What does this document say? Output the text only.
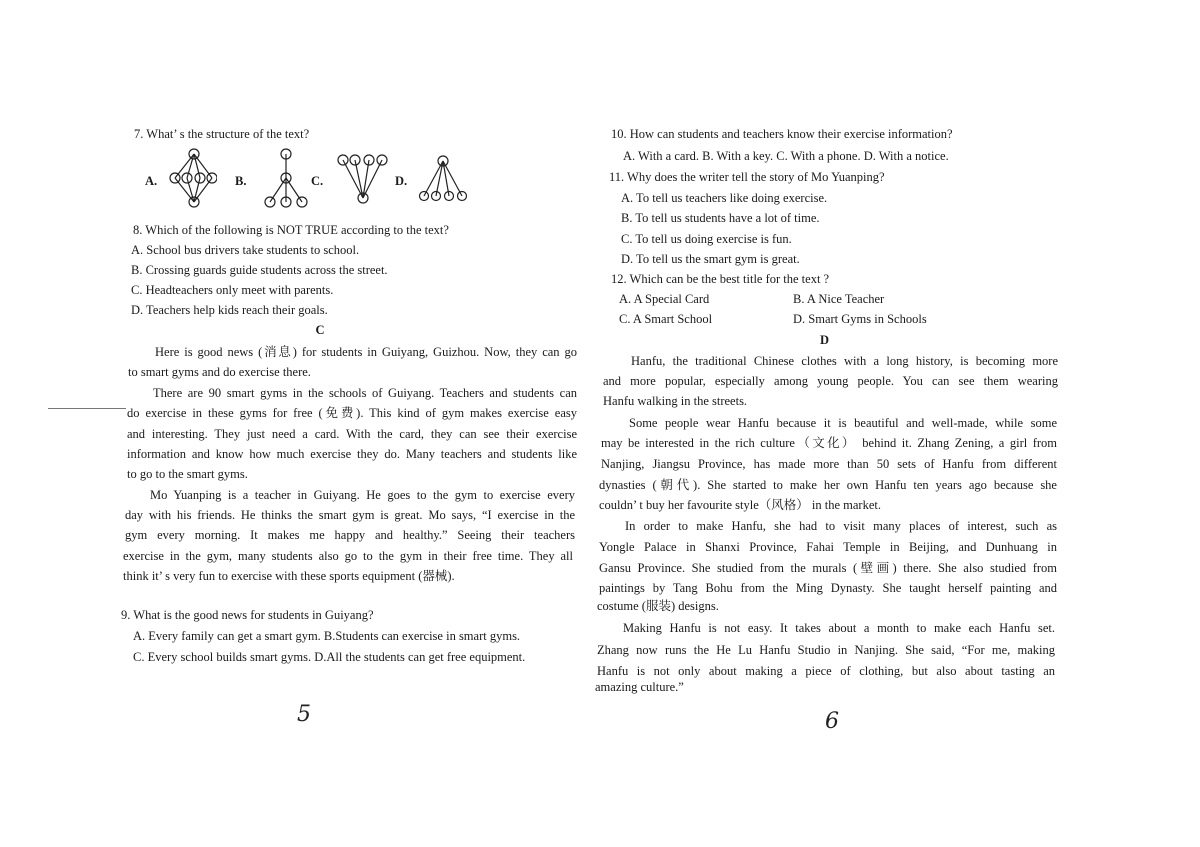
7. What’ s the structure of the text?
A.	B.	C.	D.
8. Which of the following is NOT TRUE according to the text?
A. School bus drivers take students to school.
B. Crossing guards guide students across the street.
C. Headteachers only meet with parents.
D. Teachers help kids reach their goals.
C
Here is good news (消息) for students in Guiyang, Guizhou. Now, they can go
to smart gyms and do exercise there.
There are 90 smart gyms in the schools of Guiyang. Teachers and students can
do exercise in these gyms for free (免费). This kind of gym makes exercise easy
and interesting. They just need a card. With the card, they can see their exercise
information and know how much exercise they do. Many teachers and students like
to go to the smart gyms.
Mo Yuanping is a teacher in Guiyang. He goes to the gym to exercise every
day with his friends. He thinks the smart gym is great. Mo says, “I exercise in the
gym every morning. It makes me happy and healthy.” Seeing their teachers
exercise in the gym, many students also go to the gym in their free time. They all
think it’ s very fun to exercise with these sports equipment (器械).
9. What is the good news for students in Guiyang?
A. Every family can get a smart gym. B.Students can exercise in smart gyms.
C. Every school builds smart gyms. D.All the students can get free equipment.
5
10. How can students and teachers know their exercise information?
A. With a card. B. With a key. C. With a phone. D. With a notice.
11. Why does the writer tell the story of Mo Yuanping?
A. To tell us teachers like doing exercise.
B. To tell us students have a lot of time.
C. To tell us doing exercise is fun.
D. To tell us the smart gym is great.
12. Which can be the best title for the text ?
A. A Special Card	B. A Nice Teacher
C. A Smart School	D. Smart Gyms in Schools
D
Hanfu, the traditional Chinese clothes with a long history, is becoming more
and more popular, especially among young people. You can see them wearing
Hanfu walking in the streets.
Some people wear Hanfu because it is beautiful and well-made, while some
may be interested in the rich culture（文化） behind it. Zhang Zening, a girl from
Nanjing, Jiangsu Province, has made more than 50 sets of Hanfu from different
dynasties (朝代). She started to make her own Hanfu ten years ago because she
couldn’ t buy her favourite style（风格） in the market.
In order to make Hanfu, she had to visit many places of interest, such as
Yongle Palace in Shanxi Province, Fahai Temple in Beijing, and Dunhuang in
Gansu Province. She studied from the murals (壁画) there. She also studied from
paintings by Tang Bohu from the Ming Dynasty. She taught herself painting and
costume (服装) designs.
Making Hanfu is not easy. It takes about a month to make each Hanfu set.
Zhang now runs the He Lu Hanfu Studio in Nanjing. She said, “For me, making
Hanfu is not only about making a piece of clothing, but also about tasting an
amazing culture.”
6
